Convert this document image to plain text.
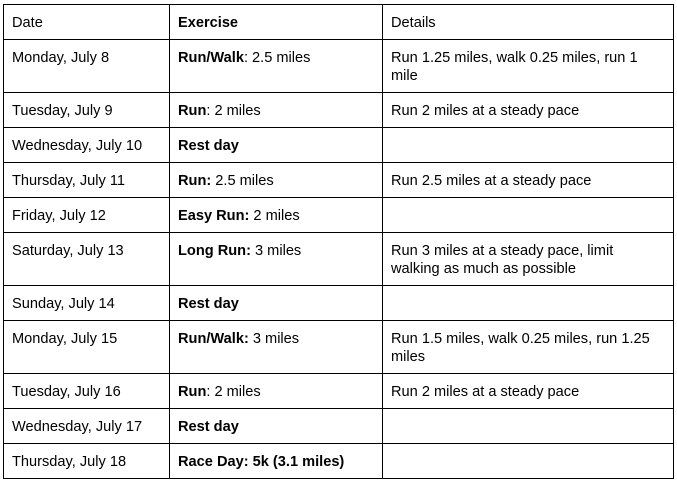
Date	Exercise	Details
Monday, July 8	Run/Walk: 2.5 miles	Run 1.25 miles, walk 0.25 miles, run 1 mile
Tuesday, July 9	Run: 2 miles	Run 2 miles at a steady pace
Wednesday, July 10	Rest day	
Thursday, July 11	Run: 2.5 miles	Run 2.5 miles at a steady pace
Friday, July 12	Easy Run: 2 miles	
Saturday, July 13	Long Run: 3 miles	Run 3 miles at a steady pace, limit walking as much as possible
Sunday, July 14	Rest day	
Monday, July 15	Run/Walk: 3 miles	Run 1.5 miles, walk 0.25 miles, run 1.25 miles
Tuesday, July 16	Run: 2 miles	Run 2 miles at a steady pace
Wednesday, July 17	Rest day	
Thursday, July 18	Race Day: 5k (3.1 miles)	
